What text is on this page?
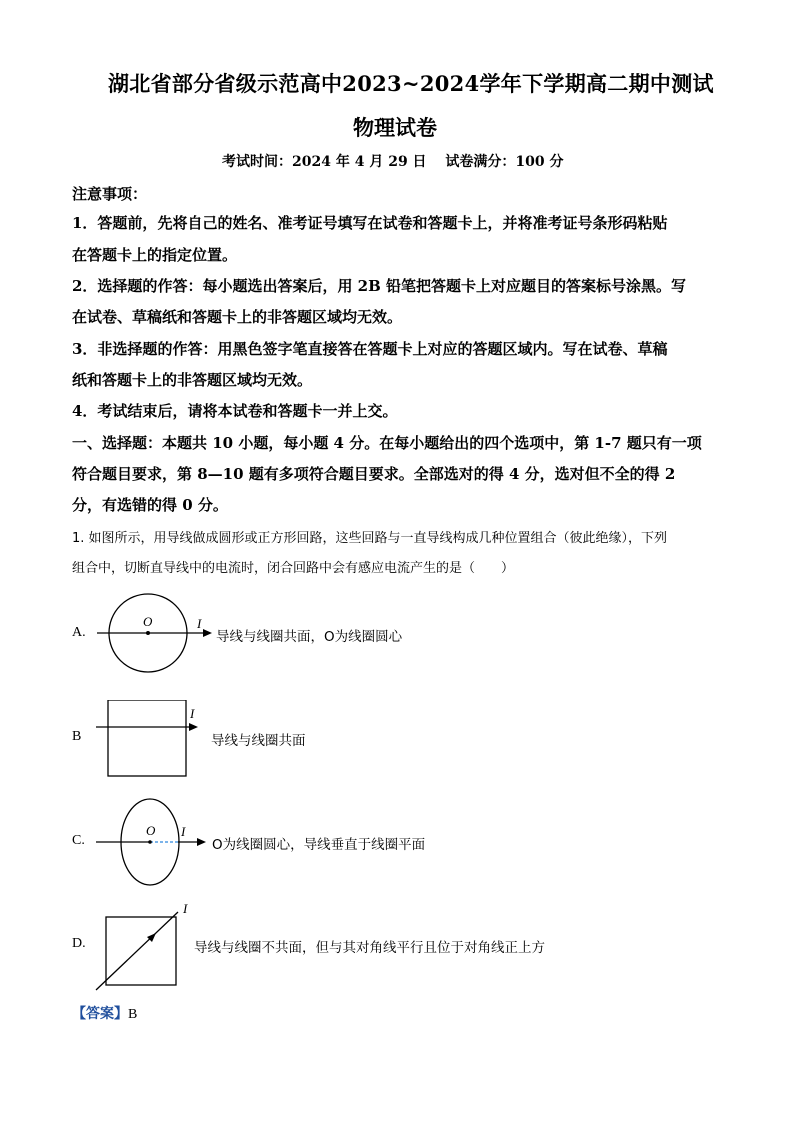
湖北省部分省级示范高中2023~2024学年下学期高二期中测试
物理试卷
考试时间：2024 年 4 月 29 日　 试卷满分：100 分
注意事项：
1．答题前，先将自己的姓名、准考证号填写在试卷和答题卡上，并将准考证号条形码粘贴
在答题卡上的指定位置。
2．选择题的作答：每小题选出答案后，用 2B 铅笔把答题卡上对应题目的答案标号涂黑。写
在试卷、草稿纸和答题卡上的非答题区域均无效。
3．非选择题的作答：用黑色签字笔直接答在答题卡上对应的答题区域内。写在试卷、草稿
纸和答题卡上的非答题区域均无效。
4．考试结束后，请将本试卷和答题卡一并上交。
一、选择题：本题共 10 小题，每小题 4 分。在每小题给出的四个选项中，第 1-7 题只有一项
符合题目要求，第 8—10 题有多项符合题目要求。全部选对的得 4 分，选对但不全的得 2
分，有选错的得 0 分。
1. 如图所示，用导线做成圆形或正方形回路，这些回路与一直导线构成几种位置组合（彼此绝缘），下列
组合中，切断直导线中的电流时，闭合回路中会有感应电流产生的是（　　）
A.
O	I
导线与线圈共面，O为线圈圆心
B
I
导线与线圈共面
C.
O I
O为线圈圆心，导线垂直于线圈平面
D.
I
导线与线圈不共面，但与其对角线平行且位于对角线正上方
【答案】B
